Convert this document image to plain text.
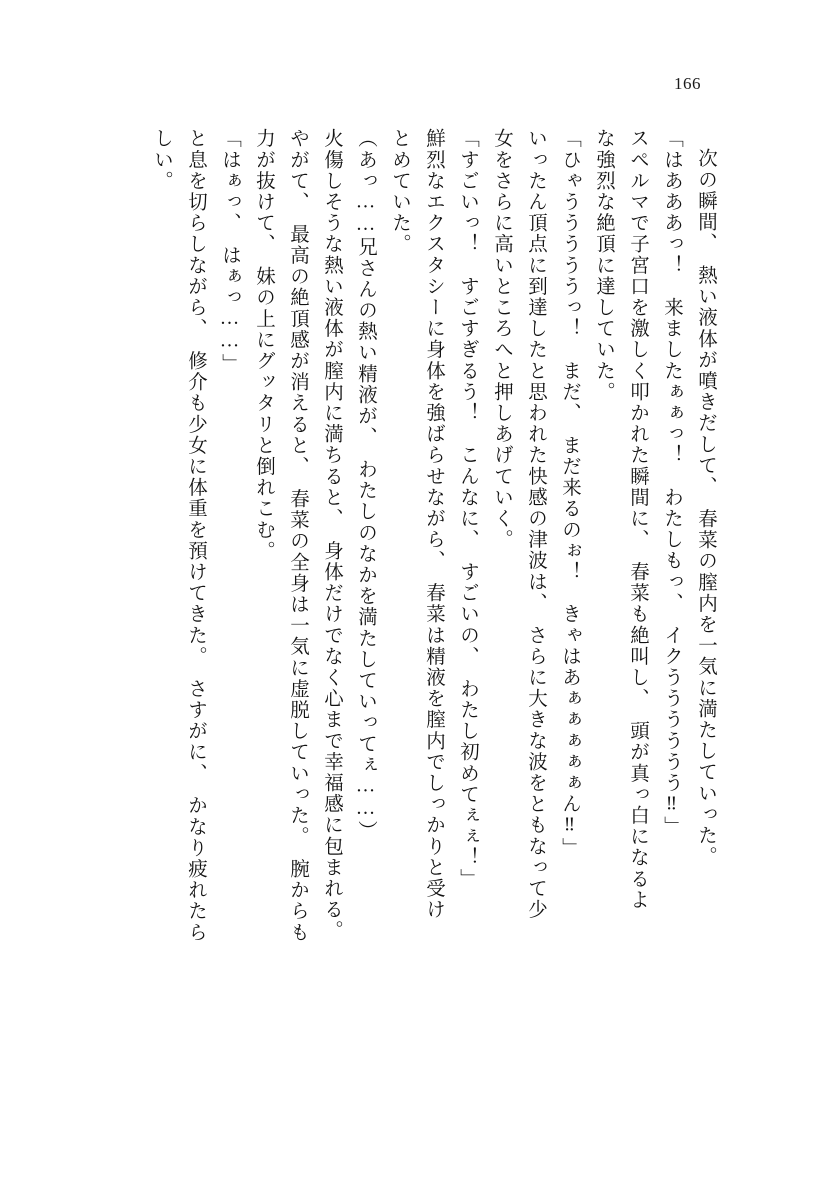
166
次の瞬間、　熱い液体が噴きだして、　春菜の膣内を一気に満たしていった。
「はあああっ！　来ましたぁぁっ！　わたしもっ、　イクうううううう‼」
スペルマで子宮口を激しく叩かれた瞬間に、　春菜も絶叫し、　頭が真っ白になるよ
な強烈な絶頂に達していた。
「ひゃうううううっ！　まだ、　まだ来るのぉ！　きゃはあぁぁぁぁぁん‼」
いったん頂点に到達したと思われた快感の津波は、　さらに大きな波をともなって少
女をさらに高いところへと押しあげていく。
「すごいっ！　すごすぎるう！　こんなに、　すごいの、　わたし初めてぇぇ！」
鮮烈なエクスタシーに身体を強ばらせながら、　春菜は精液を膣内でしっかりと受け
とめていた。
（あっ……兄さんの熱い精液が、　わたしのなかを満たしていってぇ……）
火傷しそうな熱い液体が膣内に満ちると、　身体だけでなく心まで幸福感に包まれる。
やがて、　最高の絶頂感が消えると、　春菜の全身は一気に虚脱していった。　腕からも
力が抜けて、　妹の上にグッタリと倒れこむ。
「はぁっ、　はぁっ……」
と息を切らしながら、　修介も少女に体重を預けてきた。　さすがに、　かなり疲れたら
しい。
